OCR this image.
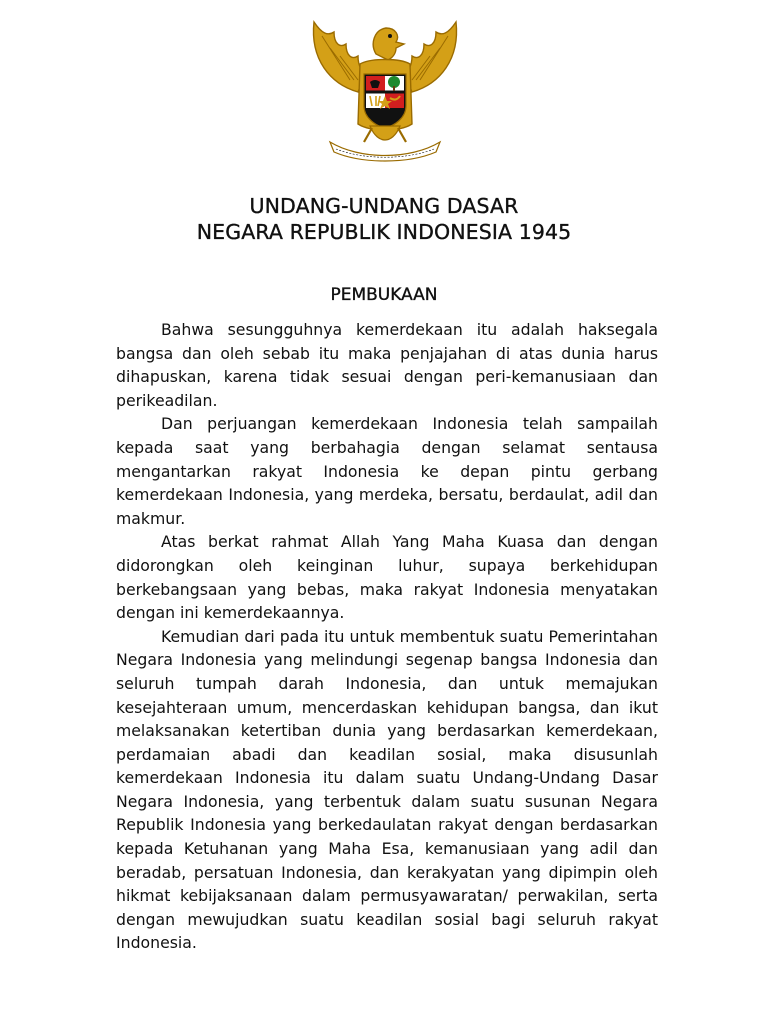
UNDANG-UNDANG DASAR
NEGARA REPUBLIK INDONESIA 1945
PEMBUKAAN

Bahwa sesungguhnya kemerdekaan itu adalah haksegala bangsa dan oleh sebab itu maka penjajahan di atas dunia harus dihapuskan, karena tidak sesuai dengan peri-kemanusiaan dan perikeadilan.

Dan perjuangan kemerdekaan Indonesia telah sampailah kepada saat yang berbahagia dengan selamat sentausa mengantarkan rakyat Indonesia ke depan pintu gerbang kemerdekaan Indonesia, yang merdeka, bersatu, berdaulat, adil dan makmur.

Atas berkat rahmat Allah Yang Maha Kuasa dan dengan didorongkan oleh keinginan luhur, supaya berkehidupan berkebangsaan yang bebas, maka rakyat Indonesia menyatakan dengan ini kemerdekaannya.

Kemudian dari pada itu untuk membentuk suatu Pemerintahan Negara Indonesia yang melindungi segenap bangsa Indonesia dan seluruh tumpah darah Indonesia, dan untuk memajukan kesejahteraan umum, mencerdaskan kehidupan bangsa, dan ikut melaksanakan ketertiban dunia yang berdasarkan kemerdekaan, perdamaian abadi dan keadilan sosial, maka disusunlah kemerdekaan Indonesia itu dalam suatu Undang-Undang Dasar Negara Indonesia, yang terbentuk dalam suatu susunan Negara Republik Indonesia yang berkedaulatan rakyat dengan berdasarkan kepada Ketuhanan yang Maha Esa, kemanusiaan yang adil dan beradab, persatuan Indonesia, dan kerakyatan yang dipimpin oleh hikmat kebijaksanaan dalam permusyawaratan/ perwakilan, serta dengan mewujudkan suatu keadilan sosial bagi seluruh rakyat Indonesia.
